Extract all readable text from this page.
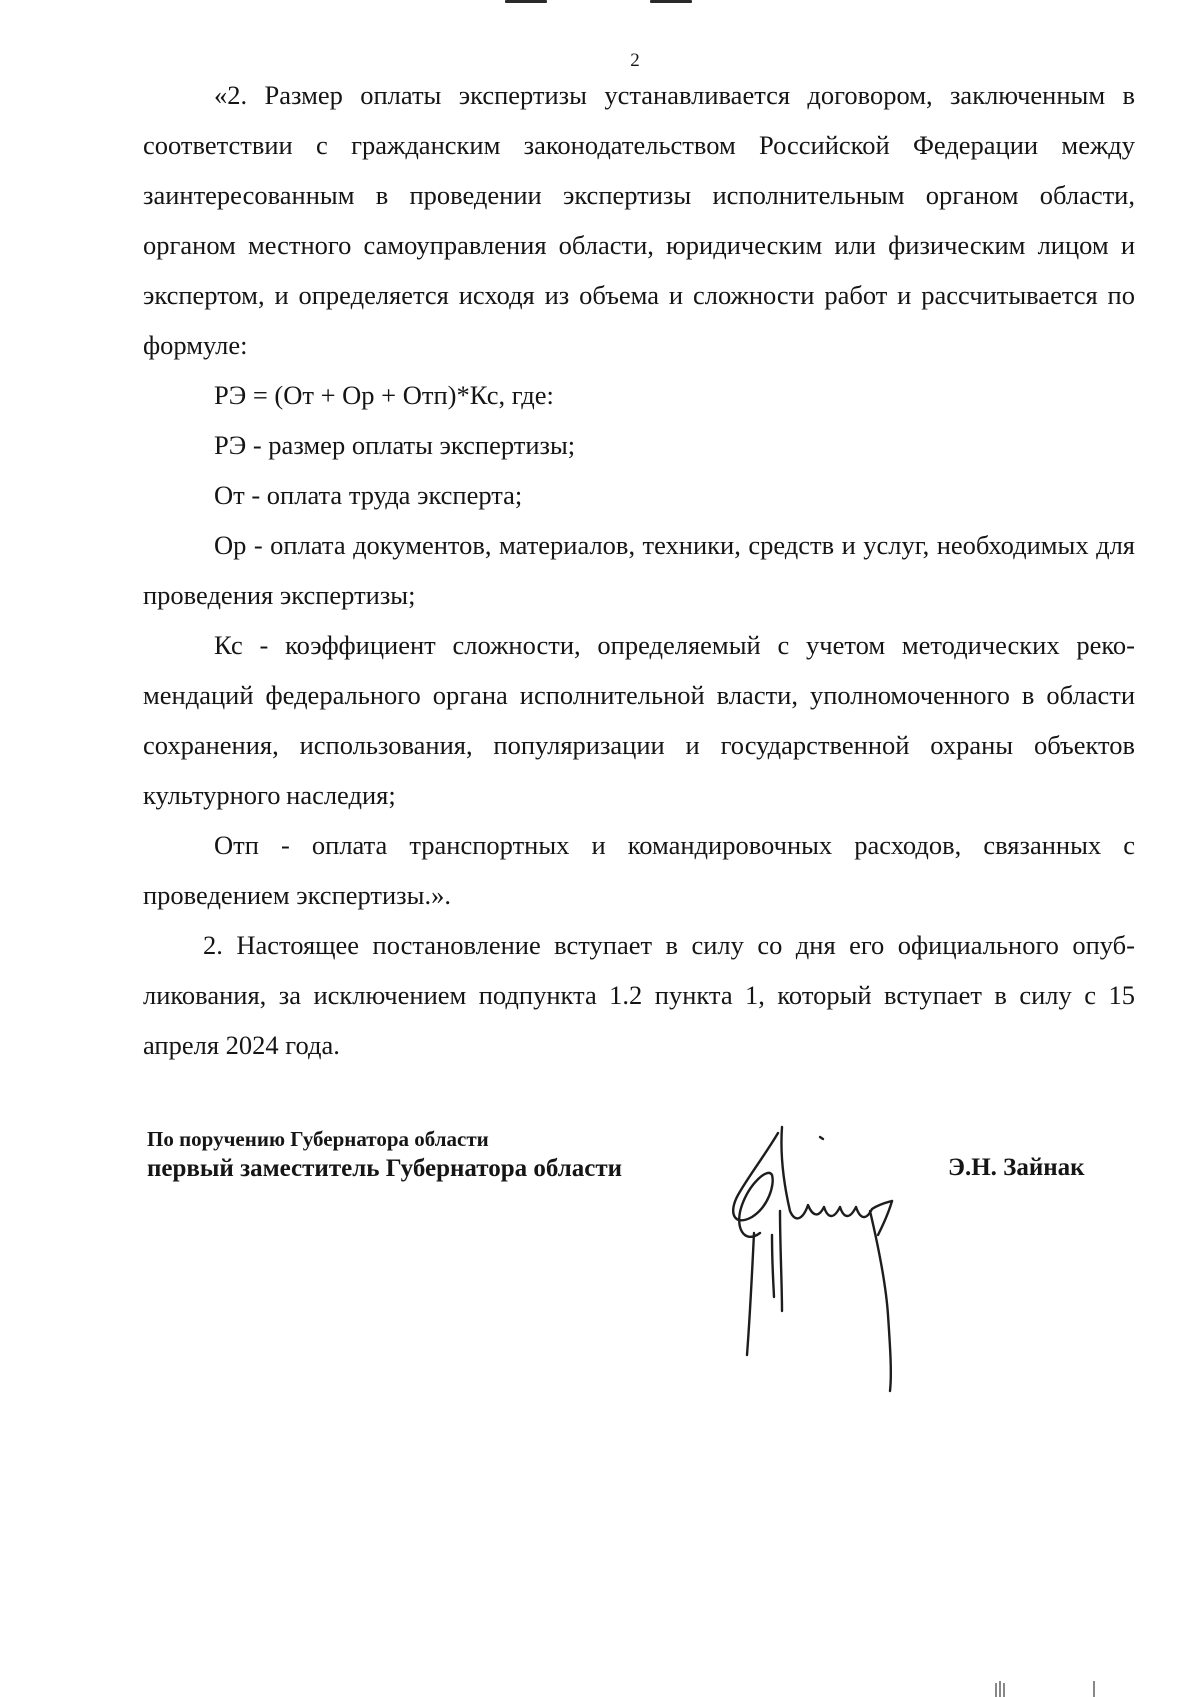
2

«2. Размер оплаты экспертизы устанавливается договором, заключенным в соответствии с гражданским законодательством Российской Федерации между заинтересованным в проведении экспертизы исполнительным органом области, органом местного самоуправления области, юридическим или физическим лицом и экспертом, и определяется исходя из объема и сложности работ и рассчитывается по формуле:

РЭ = (От + Ор + Отп)*Кс, где:

РЭ - размер оплаты экспертизы;

От - оплата труда эксперта;

Ор - оплата документов, материалов, техники, средств и услуг, необходимых для проведения экспертизы;

Кс - коэффициент сложности, определяемый с учетом методических рекомендаций федерального органа исполнительной власти, уполномоченного в области сохранения, использования, популяризации и государственной охраны объектов культурного наследия;

Отп - оплата транспортных и командировочных расходов, связанных с проведением экспертизы.».

2. Настоящее постановление вступает в силу со дня его официального опубликования, за исключением подпункта 1.2 пункта 1, который вступает в силу с 15 апреля 2024 года.

По поручению Губернатора области
первый заместитель Губернатора области	Э.Н. Зайнак
